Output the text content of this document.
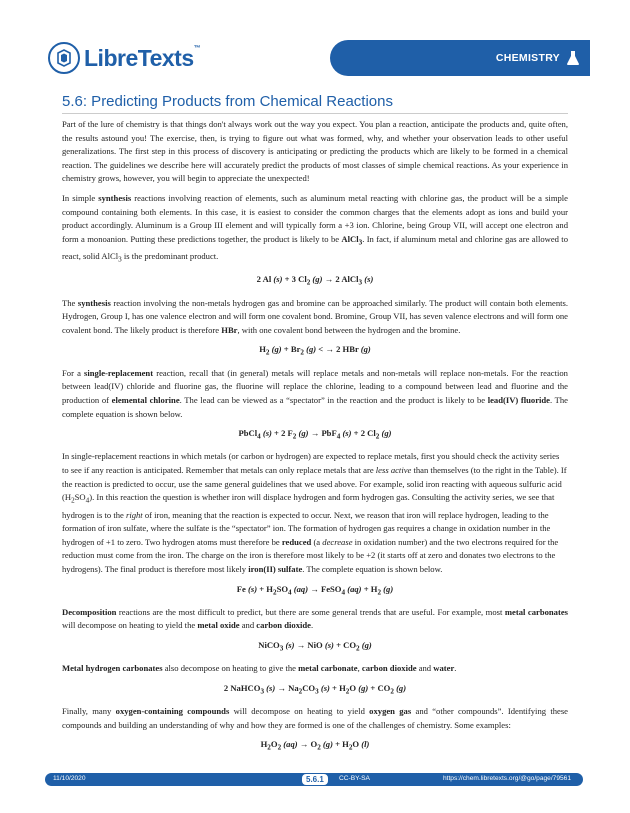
LibreTexts™
CHEMISTRY
5.6: Predicting Products from Chemical Reactions

Part of the lure of chemistry is that things don't always work out the way you expect. You plan a reaction, anticipate the products and, quite often, the results astound you! The exercise, then, is trying to figure out what was formed, why, and whether your observation leads to other useful generalizations. The first step in this process of discovery is anticipating or predicting the products which are likely to be formed in a chemical reaction. The guidelines we describe here will accurately predict the products of most classes of simple chemical reactions. As your experience in chemistry grows, however, you will begin to appreciate the unexpected!

In simple synthesis reactions involving reaction of elements, such as aluminum metal reacting with chlorine gas, the product will be a simple compound containing both elements. In this case, it is easiest to consider the common charges that the elements adopt as ions and build your product accordingly. Aluminum is a Group III element and will typically form a +3 ion. Chlorine, being Group VII, will accept one electron and form a monoanion. Putting these predictions together, the product is likely to be AlCl$_3$. In fact, if aluminum metal and chlorine gas are allowed to react, solid AlCl$_3$ is the predominant product.

2 Al (s) + 3 $Cl_2$ (g) → 2 AlCl$_3$ (s)

The synthesis reaction involving the non-metals hydrogen gas and bromine can be approached similarly. The product will contain both elements. Hydrogen, Group I, has one valence electron and will form one covalent bond. Bromine, Group VII, has seven valence electrons and will form one covalent bond. The likely product is therefore HBr, with one covalent bond between the hydrogen and the bromine.

$H_2$ $(g) + Br_2$ (g) < → 2 HBr (g)

For a single-replacement reaction, recall that (in general) metals will replace metals and non-metals will replace non-metals. For the reaction between lead(IV) chloride and fluorine gas, the fluorine will replace the chlorine, leading to a compound between lead and fluorine and the production of elemental chlorine. The lead can be viewed as a “spectator” in the reaction and the product is likely to be lead(IV) fluoride. The complete equation is shown below.

PbCl$_4$ (s) + 2 $F_2$ (g) → PbF$_4$ (s) + 2 $Cl_2$ (g)

In single-replacement reactions in which metals (or carbon or hydrogen) are expected to replace metals, first you should check the activity series to see if any reaction is anticipated. Remember that metals can only replace metals that are less active than themselves (to the right in the Table). If the reaction is predicted to occur, use the same general guidelines that we used above. For example, solid iron reacting with aqueous sulfuric acid $(H_2SO_4)$. In this reaction the question is whether iron will displace hydrogen and form hydrogen gas. Consulting the activity series, we see that hydrogen is to the right of iron, meaning that the reaction is expected to occur. Next, we reason that iron will replace hydrogen, leading to the formation of iron sulfate, where the sulfate is the “spectator” ion. The formation of hydrogen gas requires a change in oxidation number in the hydrogen of +1 to zero. Two hydrogen atoms must therefore be reduced (a decrease in oxidation number) and the two electrons required for the reduction must come from the iron. The charge on the iron is therefore most likely to be +2 (it starts off at zero and donates two electrons to the hydrogens). The final product is therefore most likely iron(II) sulfate. The complete equation is shown below.

Fe $(s) + H_2SO_4$ (aq) → FeSO$_4$ $(aq) + H_2$ (g)

Decomposition reactions are the most difficult to predict, but there are some general trends that are useful. For example, most metal carbonates will decompose on heating to yield the metal oxide and carbon dioxide.

NiCO$_3$ (s) → NiO $(s) + CO_2$ (g)

Metal hydrogen carbonates also decompose on heating to give the metal carbonate, carbon dioxide and water.

2 NaHCO$_3$ $(s) \to Na_2CO_3$ $(s) + H_2O$ $(g) + CO_2$ (g)

Finally, many oxygen-containing compounds will decompose on heating to yield oxygen gas and “other compounds”. Identifying these compounds and building an understanding of why and how they are formed is one of the challenges of chemistry. Some examples:

$H_2O_2$ $(aq) \to O_2$ $(g) + H_2O$ (l)
11/10/2020	5.6.1	CC-BY-SA	https://chem.libretexts.org/@go/page/79561
